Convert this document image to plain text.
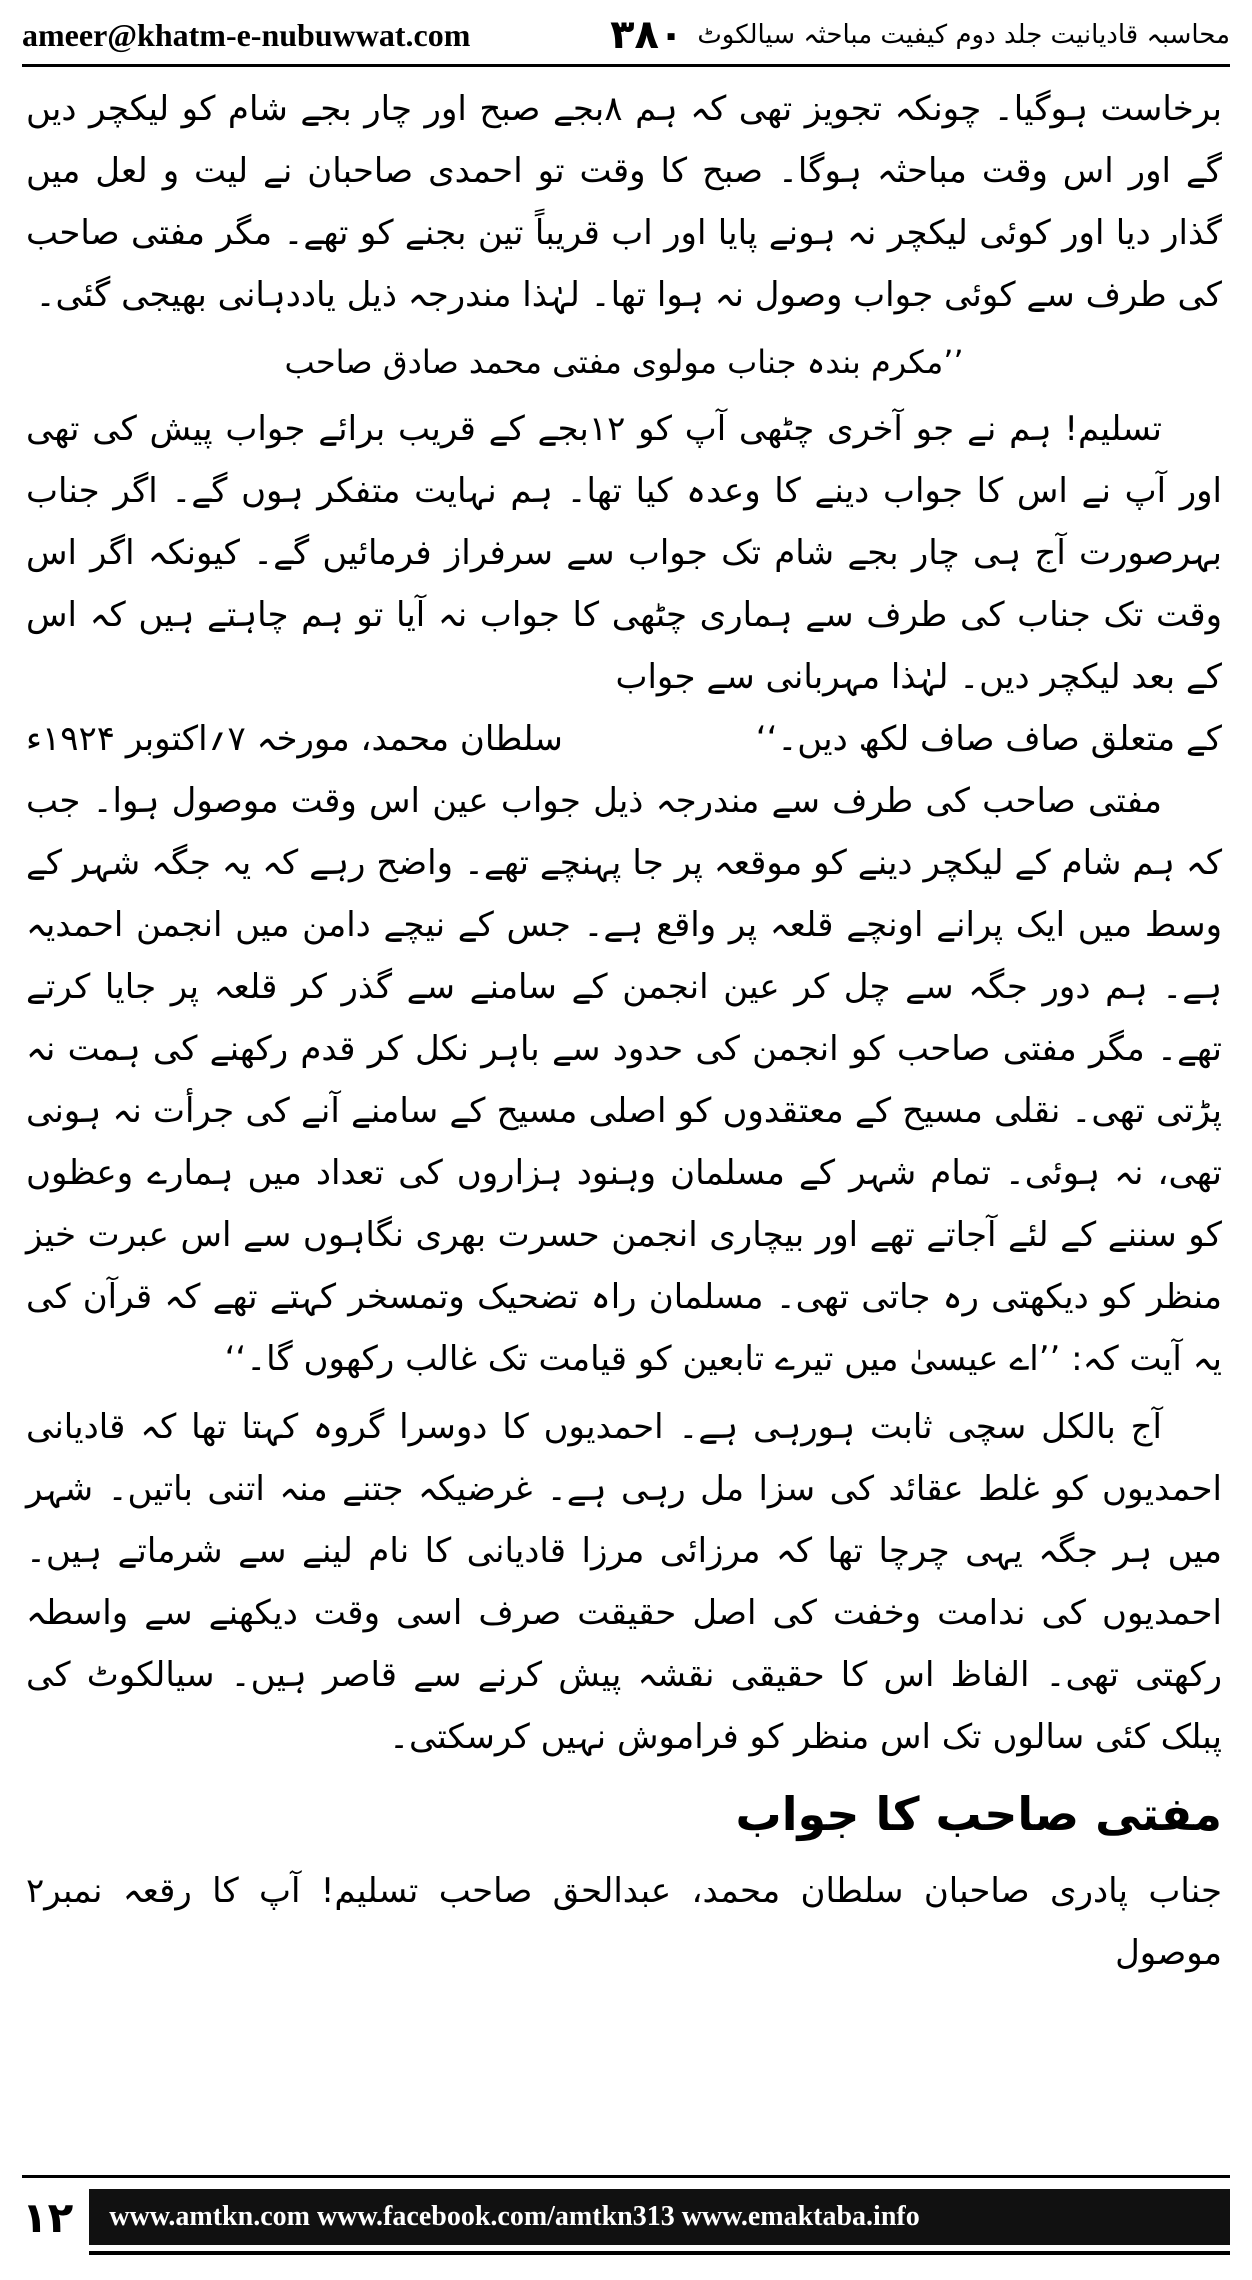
ameer@khatm-e-nubuwwat.com	محاسبہ قادیانیت جلد دوم کیفیت مباحثہ سیالکوٹ
۳۸۰

برخاست ہوگیا۔ چونکہ تجویز تھی کہ ہم ۸بجے صبح اور چار بجے شام کو لیکچر دیں گے اور اس وقت مباحثہ ہوگا۔ صبح کا وقت تو احمدی صاحبان نے لیت و لعل میں گذار دیا اور کوئی لیکچر نہ ہونے پایا اور اب قریباً تین بجنے کو تھے۔ مگر مفتی صاحب کی طرف سے کوئی جواب وصول نہ ہوا تھا۔ لہٰذا مندرجہ ذیل یاددہانی بھیجی گئی۔

’’مکرم بندہ جناب مولوی مفتی محمد صادق صاحب

تسلیم! ہم نے جو آخری چٹھی آپ کو ۱۲بجے کے قریب برائے جواب پیش کی تھی اور آپ نے اس کا جواب دینے کا وعدہ کیا تھا۔ ہم نہایت متفکر ہوں گے۔ اگر جناب بہرصورت آج ہی چار بجے شام تک جواب سے سرفراز فرمائیں گے۔ کیونکہ اگر اس وقت تک جناب کی طرف سے ہماری چٹھی کا جواب نہ آیا تو ہم چاہتے ہیں کہ اس کے بعد لیکچر دیں۔ لہٰذا مہربانی سے جواب

کے متعلق صاف صاف لکھ دیں۔‘‘
سلطان محمد، مورخہ ۷؍اکتوبر ۱۹۲۴ء

مفتی صاحب کی طرف سے مندرجہ ذیل جواب عین اس وقت موصول ہوا۔ جب کہ ہم شام کے لیکچر دینے کو موقعہ پر جا پہنچے تھے۔ واضح رہے کہ یہ جگہ شہر کے وسط میں ایک پرانے اونچے قلعہ پر واقع ہے۔ جس کے نیچے دامن میں انجمن احمدیہ ہے۔ ہم دور جگہ سے چل کر عین انجمن کے سامنے سے گذر کر قلعہ پر جایا کرتے تھے۔ مگر مفتی صاحب کو انجمن کی حدود سے باہر نکل کر قدم رکھنے کی ہمت نہ پڑتی تھی۔ نقلی مسیح کے معتقدوں کو اصلی مسیح کے سامنے آنے کی جرأت نہ ہونی تھی، نہ ہوئی۔ تمام شہر کے مسلمان وہنود ہزاروں کی تعداد میں ہمارے وعظوں کو سننے کے لئے آجاتے تھے اور بیچاری انجمن حسرت بھری نگاہوں سے اس عبرت خیز منظر کو دیکھتی رہ جاتی تھی۔ مسلمان راہ تضحیک وتمسخر کہتے تھے کہ قرآن کی یہ آیت کہ: ’’اے عیسیٰ میں تیرے تابعین کو قیامت تک غالب رکھوں گا۔‘‘

آج بالکل سچی ثابت ہورہی ہے۔ احمدیوں کا دوسرا گروہ کہتا تھا کہ قادیانی احمدیوں کو غلط عقائد کی سزا مل رہی ہے۔ غرضیکہ جتنے منہ اتنی باتیں۔ شہر میں ہر جگہ یہی چرچا تھا کہ مرزائی مرزا قادیانی کا نام لینے سے شرماتے ہیں۔ احمدیوں کی ندامت وخفت کی اصل حقیقت صرف اسی وقت دیکھنے سے واسطہ رکھتی تھی۔ الفاظ اس کا حقیقی نقشہ پیش کرنے سے قاصر ہیں۔ سیالکوٹ کی پبلک کئی سالوں تک اس منظر کو فراموش نہیں کرسکتی۔

مفتی صاحب کا جواب

جناب پادری صاحبان سلطان محمد، عبدالحق صاحب تسلیم! آپ کا رقعہ نمبر۲ موصول

۱۲	www.amtkn.com www.facebook.com/amtkn313 www.emaktaba.info
